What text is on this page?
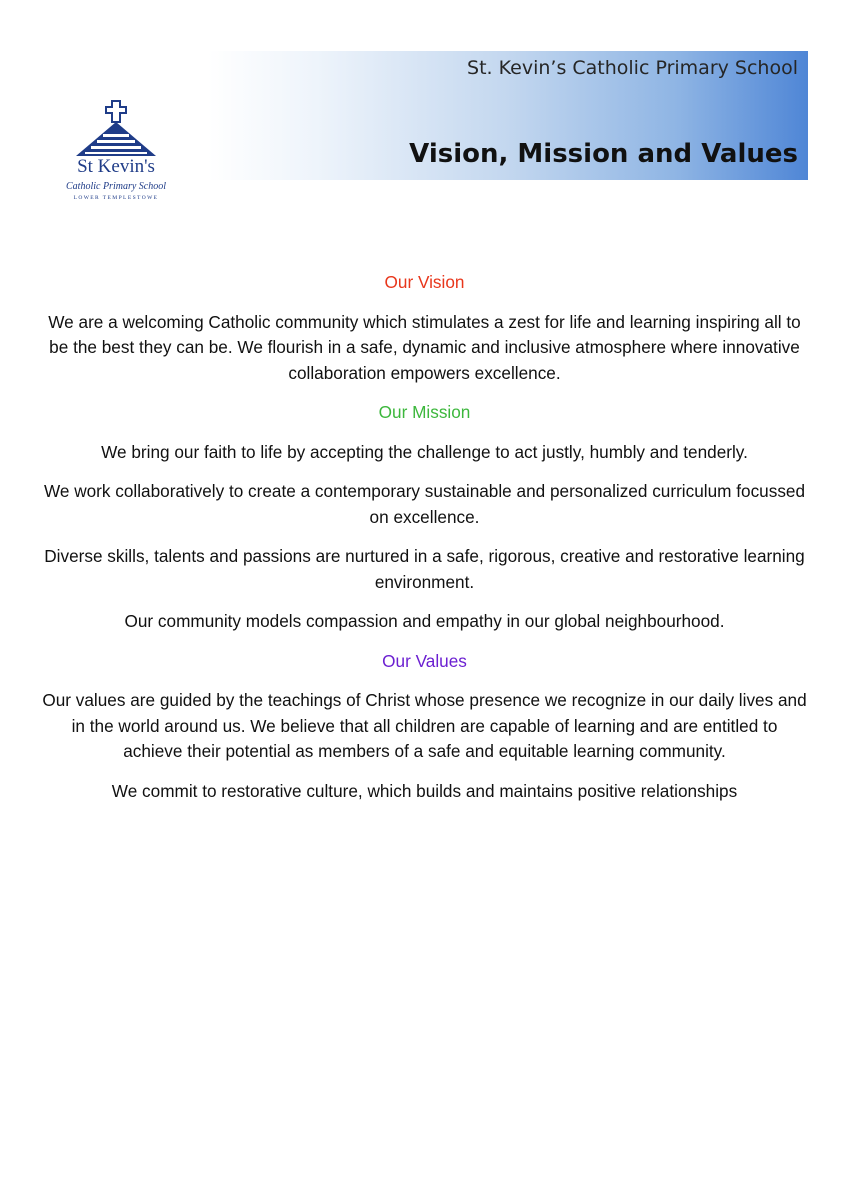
St Kevin's
Catholic Primary School
LOWER TEMPLESTOWE
St. Kevin’s Catholic Primary School
Vision, Mission and Values
Our Vision

We are a welcoming Catholic community which stimulates a zest for life and learning inspiring all to be the best they can be. We flourish in a safe, dynamic and inclusive atmosphere where innovative collaboration empowers excellence.

Our Mission

We bring our faith to life by accepting the challenge to act justly, humbly and tenderly.

We work collaboratively to create a contemporary sustainable and personalized curriculum focussed on excellence.

Diverse skills, talents and passions are nurtured in a safe, rigorous, creative and restorative learning environment.

Our community models compassion and empathy in our global neighbourhood.

Our Values

Our values are guided by the teachings of Christ whose presence we recognize in our daily lives and in the world around us. We believe that all children are capable of learning and are entitled to achieve their potential as members of a safe and equitable learning community.

We commit to restorative culture, which builds and maintains positive relationships
